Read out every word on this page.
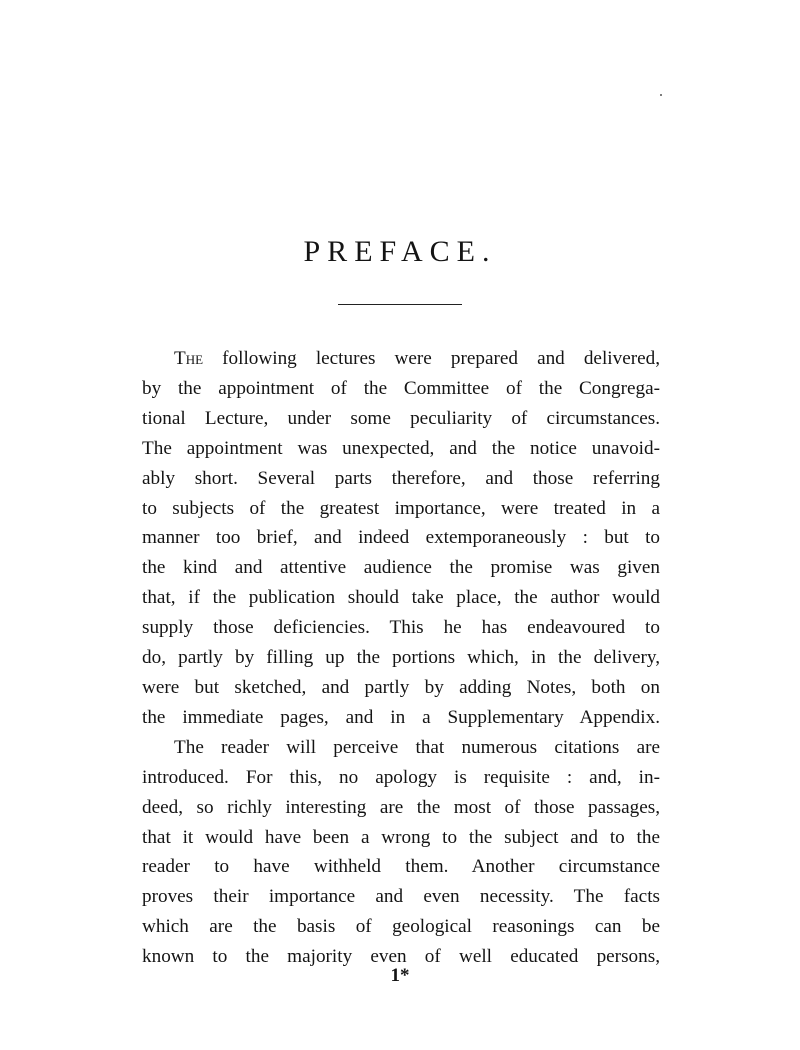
PREFACE.
The following lectures were prepared and delivered,
by the appointment of the Committee of the Congrega-
tional Lecture, under some peculiarity of circumstances.
The appointment was unexpected, and the notice unavoid-
ably short. Several parts therefore, and those referring
to subjects of the greatest importance, were treated in a
manner too brief, and indeed extemporaneously : but to
the kind and attentive audience the promise was given
that, if the publication should take place, the author would
supply those deficiencies. This he has endeavoured to
do, partly by filling up the portions which, in the delivery,
were but sketched, and partly by adding Notes, both on
the immediate pages, and in a Supplementary Appendix.
The reader will perceive that numerous citations are
introduced. For this, no apology is requisite : and, in-
deed, so richly interesting are the most of those passages,
that it would have been a wrong to the subject and to the
reader to have withheld them. Another circumstance
proves their importance and even necessity. The facts
which are the basis of geological reasonings can be
known to the majority even of well educated persons,
1*
